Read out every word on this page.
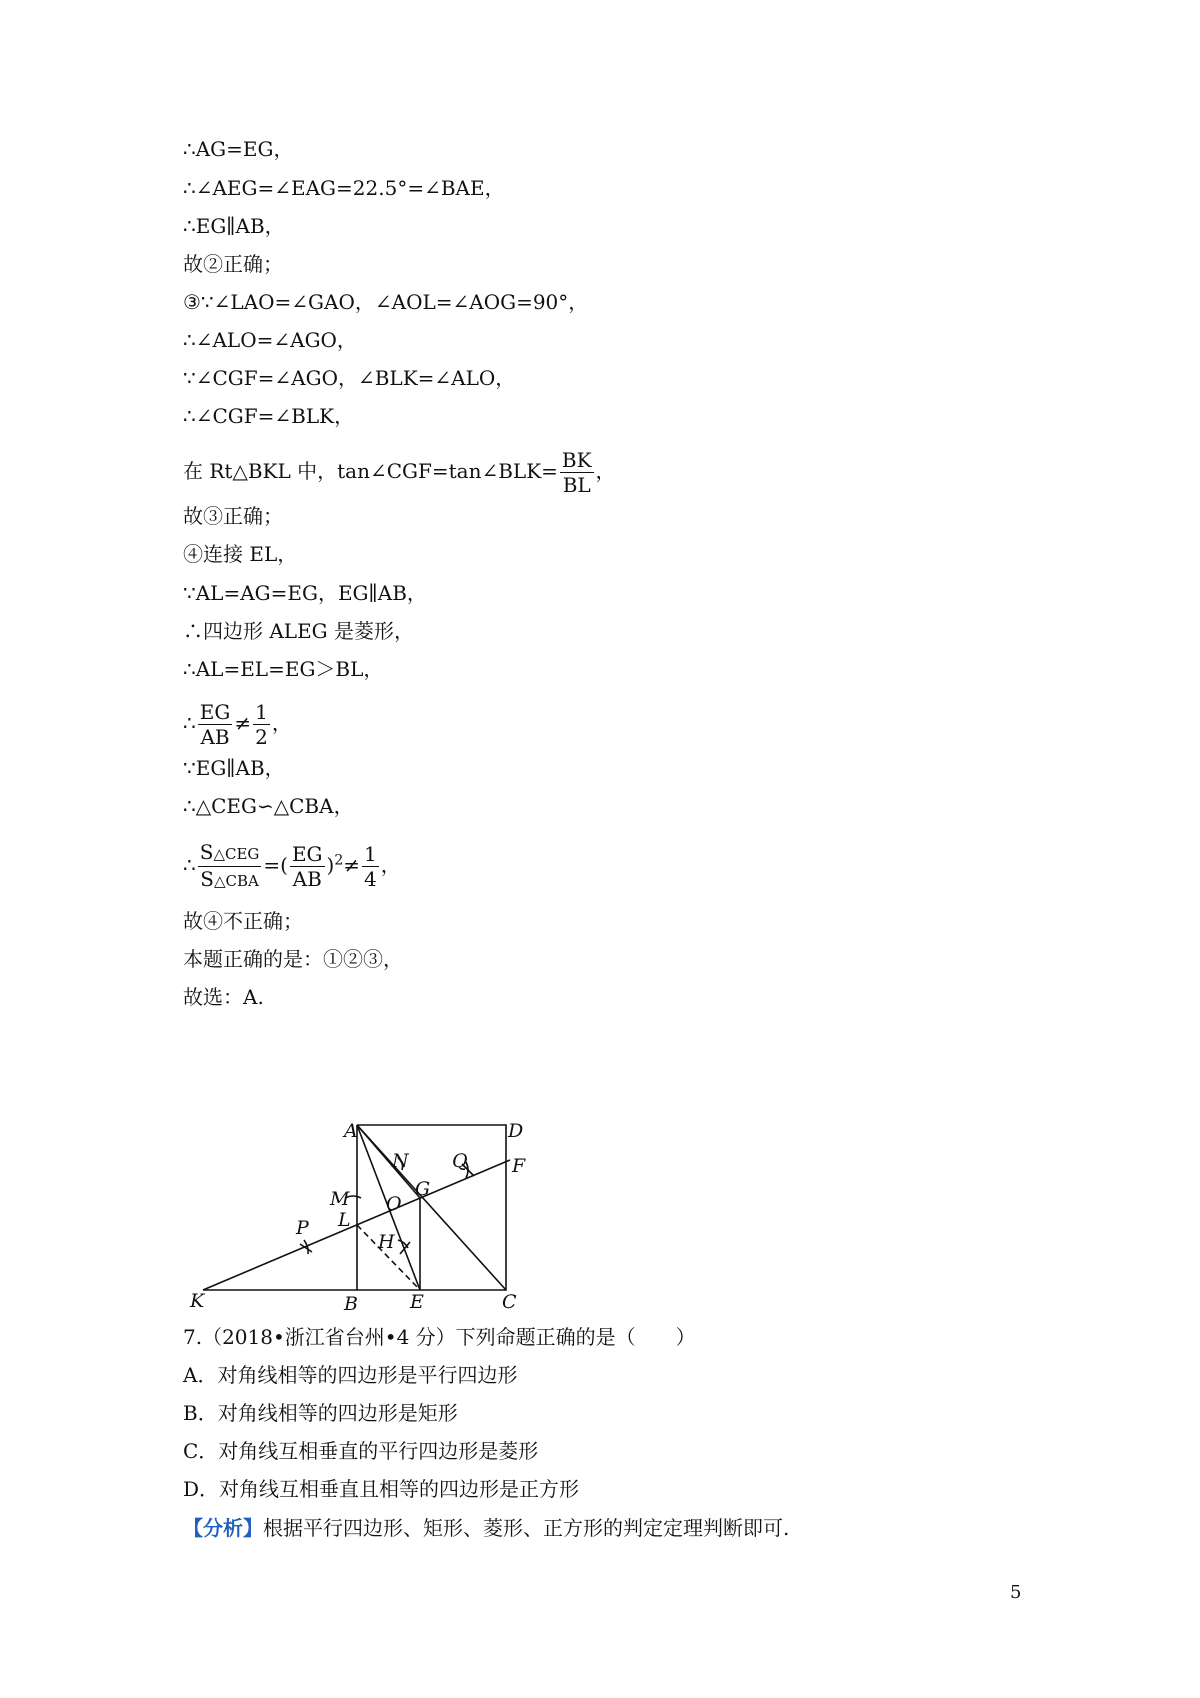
∴AG=EG，
∴∠AEG=∠EAG=22.5°=∠BAE，
∴EG∥AB，
故②正确；
③∵∠LAO=∠GAO，∠AOL=∠AOG=90°，
∴∠ALO=∠AGO，
∵∠CGF=∠AGO，∠BLK=∠ALO，
∴∠CGF=∠BLK，
在 Rt△BKL 中，tan∠CGF=tan∠BLK= $\frac{BK}{BL}$ ，
故③正确；
④连接 EL，
∵AL=AG=EG，EG∥AB，
∴四边形 ALEG 是菱形，
∴AL=EL=EG＞BL，
∴ $\frac{EG}{AB} \ne \frac{1}{2}$ ，
∵EG∥AB，
∴△CEG∽△CBA，
∴ $\frac{\text{S△CEG}}{\text{S△CBA}}$ =( $\frac{EG}{AB} )^2\ne \frac{1}{4}$ ，
故④不正确；
本题正确的是：①②③，
故选：A.
A	D
N Q F
M	G
O
P L
H
K	B	E	C
7.（2018•浙江省台州•4 分）下列命题正确的是（　　）
A．对角线相等的四边形是平行四边形
B．对角线相等的四边形是矩形
C．对角线互相垂直的平行四边形是菱形
D．对角线互相垂直且相等的四边形是正方形
【分析】根据平行四边形、矩形、菱形、正方形的判定定理判断即可.
5
